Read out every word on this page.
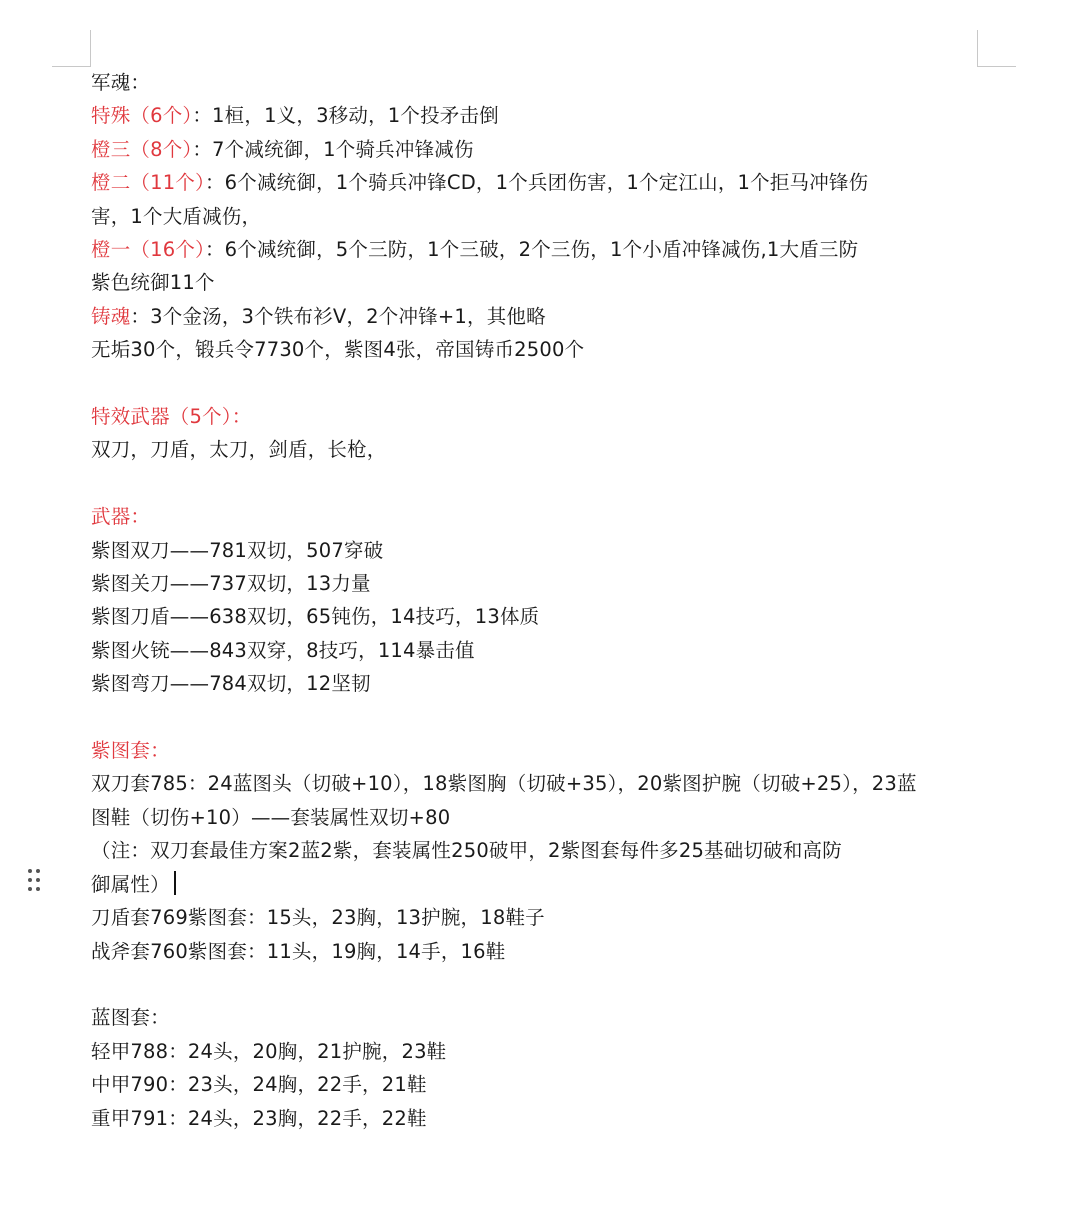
军魂：
特殊（6个）：1桓，1义，3移动，1个投矛击倒
橙三（8个）：7个减统御，1个骑兵冲锋减伤
橙二（11个）：6个减统御，1个骑兵冲锋CD，1个兵团伤害，1个定江山，1个拒马冲锋伤
害，1个大盾减伤，
橙一（16个）：6个减统御，5个三防，1个三破，2个三伤，1个小盾冲锋减伤,1大盾三防
紫色统御11个
铸魂：3个金汤，3个铁布衫V，2个冲锋+1，其他略
无垢30个，锻兵令7730个，紫图4张，帝国铸币2500个
特效武器（5个）：
双刀，刀盾，太刀，剑盾，长枪，
武器：
紫图双刀——781双切，507穿破
紫图关刀——737双切，13力量
紫图刀盾——638双切，65钝伤，14技巧，13体质
紫图火铳——843双穿，8技巧，114暴击值
紫图弯刀——784双切，12坚韧
紫图套：
双刀套785：24蓝图头（切破+10），18紫图胸（切破+35），20紫图护腕（切破+25），23蓝
图鞋（切伤+10）——套装属性双切+80
（注：双刀套最佳方案2蓝2紫，套装属性250破甲，2紫图套每件多25基础切破和高防
御属性）
刀盾套769紫图套：15头，23胸，13护腕，18鞋子
战斧套760紫图套：11头，19胸，14手，16鞋
蓝图套：
轻甲788：24头，20胸，21护腕，23鞋
中甲790：23头，24胸，22手，21鞋
重甲791：24头，23胸，22手，22鞋
